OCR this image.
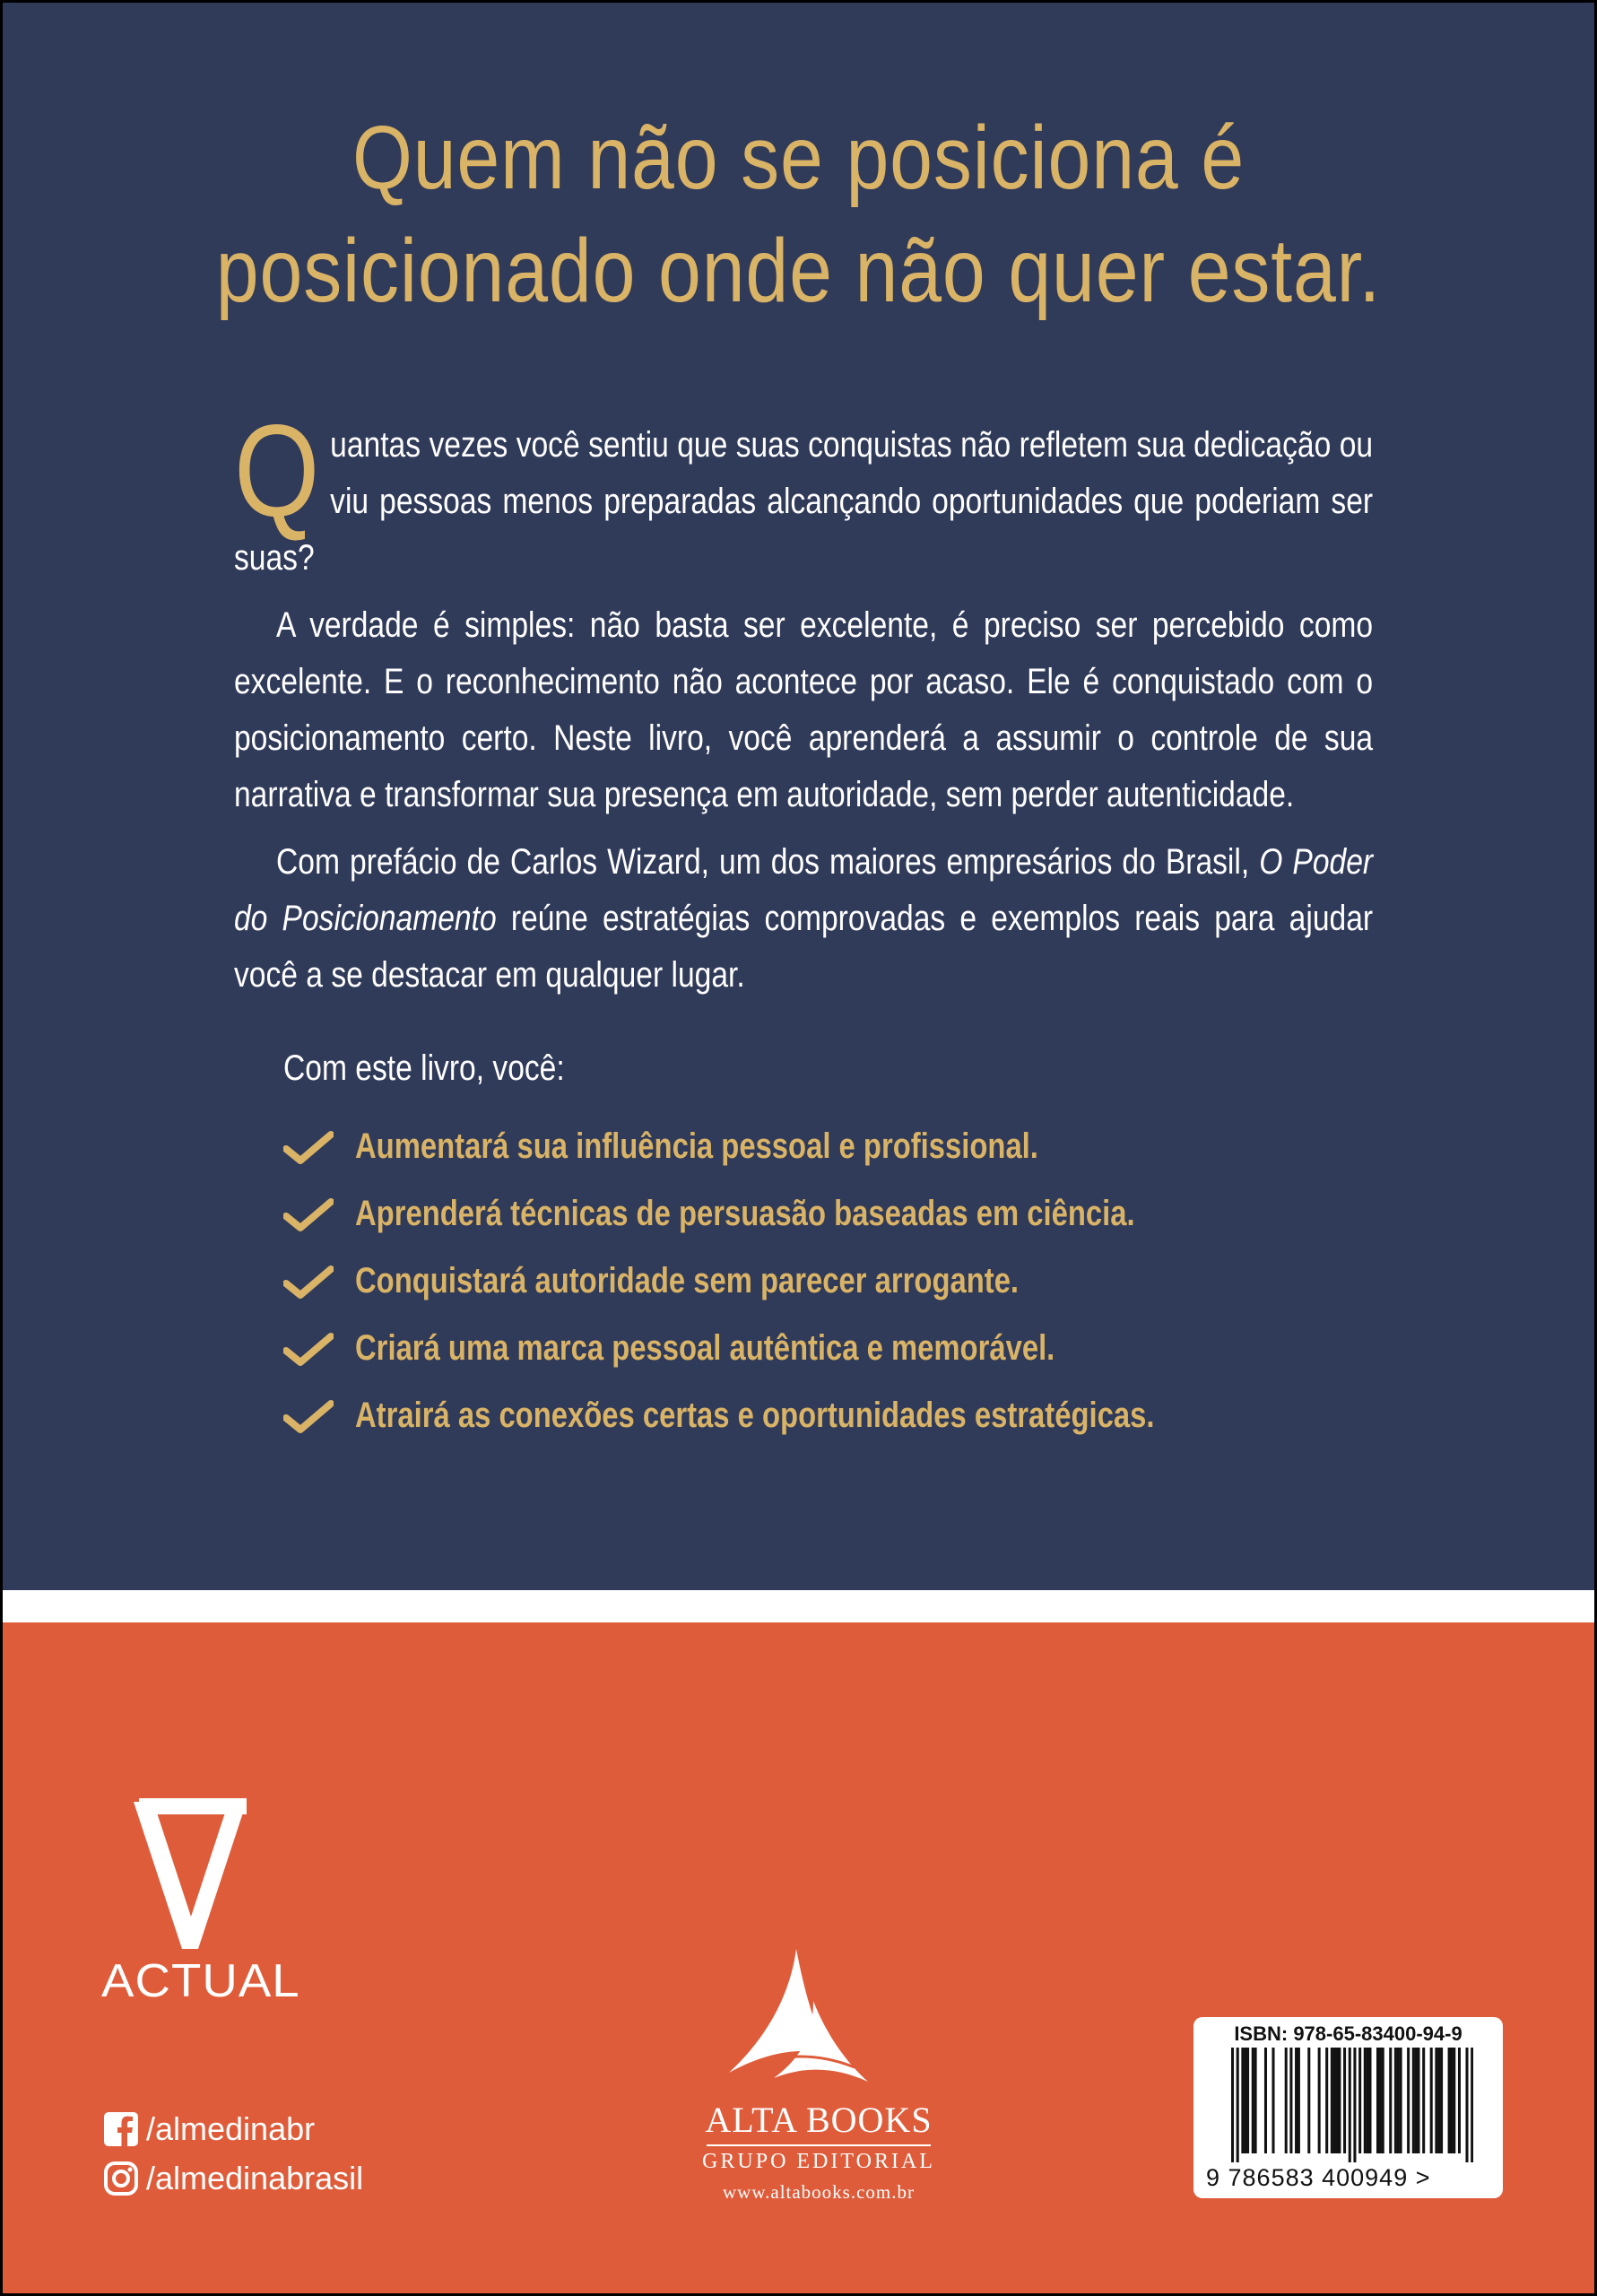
Quem não se posiciona é
posicionado onde não quer estar.

Quantas vezes você sentiu que suas conquistas não refletem sua dedicação ou viu pessoas menos preparadas alcançando oportunidades que poderiam ser suas?

A verdade é simples: não basta ser excelente, é preciso ser percebido como excelente. E o reconhecimento não acontece por acaso. Ele é conquistado com o posicionamento certo. Neste livro, você aprenderá a assumir o controle de sua narrativa e transformar sua presença em autoridade, sem perder autenticidade.

Com prefácio de Carlos Wizard, um dos maiores empresários do Brasil, O Poder do Posicionamento reúne estratégias comprovadas e exemplos reais para ajudar você a se destacar em qualquer lugar.

Com este livro, você:
Aumentará sua influência pessoal e profissional.
Aprenderá técnicas de persuasão baseadas em ciência.
Conquistará autoridade sem parecer arrogante.
Criará uma marca pessoal autêntica e memorável.
Atrairá as conexões certas e oportunidades estratégicas.
ACTUAL
/almedinabr
/almedinabrasil
ALTA BOOKS
GRUPO EDITORIAL
www.altabooks.com.br
ISBN: 978-65-83400-94-9
9 786583 400949 >
